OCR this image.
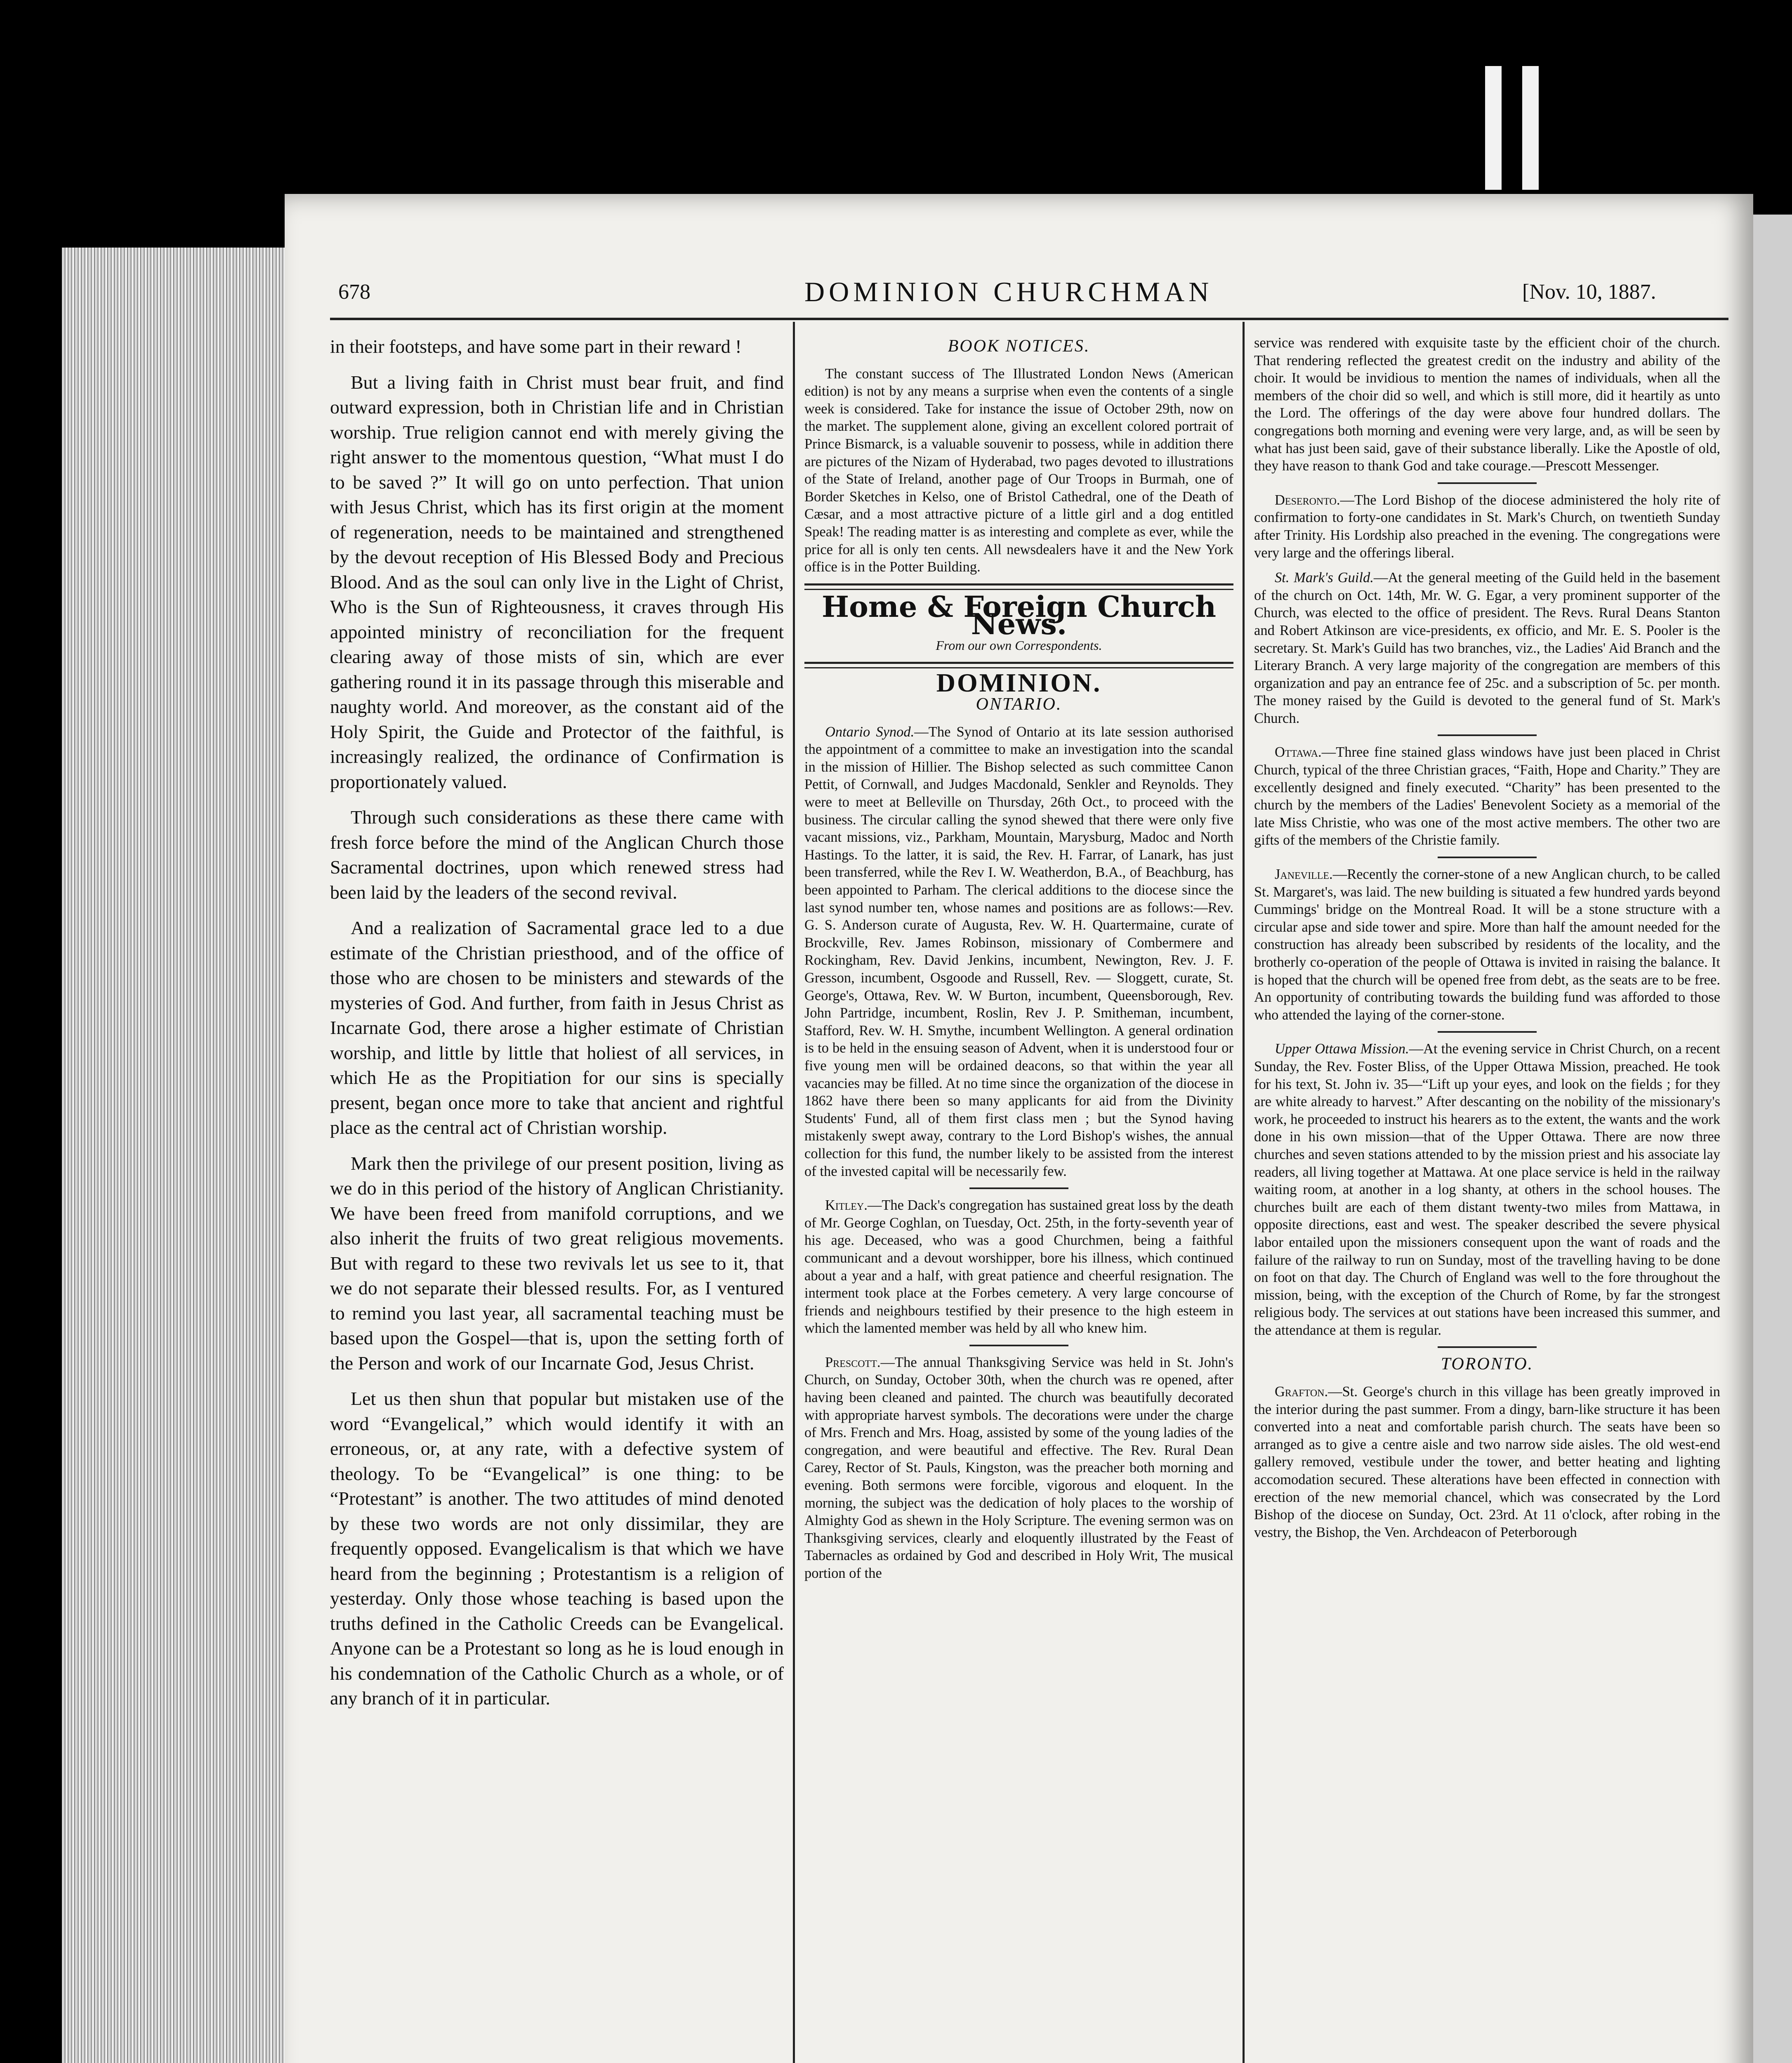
678	DOMINION CHURCHMAN	[Nov. 10, 1887.

in their footsteps, and have some part in their reward !

But a living faith in Christ must bear fruit, and find outward expression, both in Christian life and in Christian worship. True religion cannot end with merely giving the right answer to the momentous question, “What must I do to be saved ?” It will go on unto perfection. That union with Jesus Christ, which has its first origin at the moment of regeneration, needs to be maintained and strengthened by the devout reception of His Blessed Body and Precious Blood. And as the soul can only live in the Light of Christ, Who is the Sun of Righteousness, it craves through His appointed ministry of reconciliation for the frequent clearing away of those mists of sin, which are ever gathering round it in its passage through this miserable and naughty world. And moreover, as the constant aid of the Holy Spirit, the Guide and Protector of the faithful, is increasingly realized, the ordinance of Confirmation is proportionately valued.

Through such considerations as these there came with fresh force before the mind of the Anglican Church those Sacramental doctrines, upon which renewed stress had been laid by the leaders of the second revival.

And a realization of Sacramental grace led to a due estimate of the Christian priesthood, and of the office of those who are chosen to be ministers and stewards of the mysteries of God. And further, from faith in Jesus Christ as Incarnate God, there arose a higher estimate of Christian worship, and little by little that holiest of all services, in which He as the Propitiation for our sins is specially present, began once more to take that ancient and rightful place as the central act of Christian worship.

Mark then the privilege of our present position, living as we do in this period of the history of Anglican Christianity. We have been freed from manifold corruptions, and we also inherit the fruits of two great religious movements. But with regard to these two revivals let us see to it, that we do not separate their blessed results. For, as I ventured to remind you last year, all sacramental teaching must be based upon the Gospel—that is, upon the setting forth of the Person and work of our Incarnate God, Jesus Christ.

Let us then shun that popular but mistaken use of the word “Evangelical,” which would identify it with an erroneous, or, at any rate, with a defective system of theology. To be “Evangelical” is one thing: to be “Protestant” is another. The two attitudes of mind denoted by these two words are not only dissimilar, they are frequently opposed. Evangelicalism is that which we have heard from the beginning ; Protestantism is a religion of yesterday. Only those whose teaching is based upon the truths defined in the Catholic Creeds can be Evangelical. Anyone can be a Protestant so long as he is loud enough in his condemnation of the Catholic Church as a whole, or of any branch of it in particular.

BOOK NOTICES.

The constant success of The Illustrated London News (American edition) is not by any means a surprise when even the contents of a single week is considered. Take for instance the issue of October 29th, now on the market. The supplement alone, giving an excellent colored portrait of Prince Bismarck, is a valuable souvenir to possess, while in addition there are pictures of the Nizam of Hyderabad, two pages devoted to illustrations of the State of Ireland, another page of Our Troops in Burmah, one of Border Sketches in Kelso, one of Bristol Cathedral, one of the Death of Cæsar, and a most attractive picture of a little girl and a dog entitled Speak! The reading matter is as interesting and complete as ever, while the price for all is only ten cents. All newsdealers have it and the New York office is in the Potter Building.

Home & Foreign Church News.
From our own Correspondents.
DOMINION.
ONTARIO.

Ontario Synod.—The Synod of Ontario at its late session authorised the appointment of a committee to make an investigation into the scandal in the mission of Hillier. The Bishop selected as such committee Canon Pettit, of Cornwall, and Judges Macdonald, Senkler and Reynolds. They were to meet at Belleville on Thursday, 26th Oct., to proceed with the business. The circular calling the synod shewed that there were only five vacant missions, viz., Parkham, Mountain, Marysburg, Madoc and North Hastings. To the latter, it is said, the Rev. H. Farrar, of Lanark, has just been transferred, while the Rev I. W. Weatherdon, B.A., of Beachburg, has been appointed to Parham. The clerical additions to the diocese since the last synod number ten, whose names and positions are as follows:—Rev. G. S. Anderson curate of Augusta, Rev. W. H. Quartermaine, curate of Brockville, Rev. James Robinson, missionary of Combermere and Rockingham, Rev. David Jenkins, incumbent, Newington, Rev. J. F. Gresson, incumbent, Osgoode and Russell, Rev. — Sloggett, curate, St. George's, Ottawa, Rev. W. W Burton, incumbent, Queensborough, Rev. John Partridge, incumbent, Roslin, Rev J. P. Smitheman, incumbent, Stafford, Rev. W. H. Smythe, incumbent Wellington. A general ordination is to be held in the ensuing season of Advent, when it is understood four or five young men will be ordained deacons, so that within the year all vacancies may be filled. At no time since the organization of the diocese in 1862 have there been so many applicants for aid from the Divinity Students' Fund, all of them first class men ; but the Synod having mistakenly swept away, contrary to the Lord Bishop's wishes, the annual collection for this fund, the number likely to be assisted from the interest of the invested capital will be necessarily few.

Kitley.—The Dack's congregation has sustained great loss by the death of Mr. George Coghlan, on Tuesday, Oct. 25th, in the forty-seventh year of his age. Deceased, who was a good Churchmen, being a faithful communicant and a devout worshipper, bore his illness, which continued about a year and a half, with great patience and cheerful resignation. The interment took place at the Forbes cemetery. A very large concourse of friends and neighbours testified by their presence to the high esteem in which the lamented member was held by all who knew him.

Prescott.—The annual Thanksgiving Service was held in St. John's Church, on Sunday, October 30th, when the church was re opened, after having been cleaned and painted. The church was beautifully decorated with appropriate harvest symbols. The decorations were under the charge of Mrs. French and Mrs. Hoag, assisted by some of the young ladies of the congregation, and were beautiful and effective. The Rev. Rural Dean Carey, Rector of St. Pauls, Kingston, was the preacher both morning and evening. Both sermons were forcible, vigorous and eloquent. In the morning, the subject was the dedication of holy places to the worship of Almighty God as shewn in the Holy Scripture. The evening sermon was on Thanksgiving services, clearly and eloquently illustrated by the Feast of Tabernacles as ordained by God and described in Holy Writ, The musical portion of the

service was rendered with exquisite taste by the efficient choir of the church. That rendering reflected the greatest credit on the industry and ability of the choir. It would be invidious to mention the names of individuals, when all the members of the choir did so well, and which is still more, did it heartily as unto the Lord. The offerings of the day were above four hundred dollars. The congregations both morning and evening were very large, and, as will be seen by what has just been said, gave of their substance liberally. Like the Apostle of old, they have reason to thank God and take courage.—Prescott Messenger.

Deseronto.—The Lord Bishop of the diocese administered the holy rite of confirmation to forty-one candidates in St. Mark's Church, on twentieth Sunday after Trinity. His Lordship also preached in the evening. The congregations were very large and the offerings liberal.

St. Mark's Guild.—At the general meeting of the Guild held in the basement of the church on Oct. 14th, Mr. W. G. Egar, a very prominent supporter of the Church, was elected to the office of president. The Revs. Rural Deans Stanton and Robert Atkinson are vice-presidents, ex officio, and Mr. E. S. Pooler is the secretary. St. Mark's Guild has two branches, viz., the Ladies' Aid Branch and the Literary Branch. A very large majority of the congregation are members of this organization and pay an entrance fee of 25c. and a subscription of 5c. per month. The money raised by the Guild is devoted to the general fund of St. Mark's Church.

Ottawa.—Three fine stained glass windows have just been placed in Christ Church, typical of the three Christian graces, “Faith, Hope and Charity.” They are excellently designed and finely executed. “Charity” has been presented to the church by the members of the Ladies' Benevolent Society as a memorial of the late Miss Christie, who was one of the most active members. The other two are gifts of the members of the Christie family.

Janeville.—Recently the corner-stone of a new Anglican church, to be called St. Margaret's, was laid. The new building is situated a few hundred yards beyond Cummings' bridge on the Montreal Road. It will be a stone structure with a circular apse and side tower and spire. More than half the amount needed for the construction has already been subscribed by residents of the locality, and the brotherly co-operation of the people of Ottawa is invited in raising the balance. It is hoped that the church will be opened free from debt, as the seats are to be free. An opportunity of contributing towards the building fund was afforded to those who attended the laying of the corner-stone.

Upper Ottawa Mission.—At the evening service in Christ Church, on a recent Sunday, the Rev. Foster Bliss, of the Upper Ottawa Mission, preached. He took for his text, St. John iv. 35—“Lift up your eyes, and look on the fields ; for they are white already to harvest.” After descanting on the nobility of the missionary's work, he proceeded to instruct his hearers as to the extent, the wants and the work done in his own mission—that of the Upper Ottawa. There are now three churches and seven stations attended to by the mission priest and his associate lay readers, all living together at Mattawa. At one place service is held in the railway waiting room, at another in a log shanty, at others in the school houses. The churches built are each of them distant twenty-two miles from Mattawa, in opposite directions, east and west. The speaker described the severe physical labor entailed upon the missioners consequent upon the want of roads and the failure of the railway to run on Sunday, most of the travelling having to be done on foot on that day. The Church of England was well to the fore throughout the mission, being, with the exception of the Church of Rome, by far the strongest religious body. The services at out stations have been increased this summer, and the attendance at them is regular.

TORONTO.

Grafton.—St. George's church in this village has been greatly improved in the interior during the past summer. From a dingy, barn-like structure it has been converted into a neat and comfortable parish church. The seats have been so arranged as to give a centre aisle and two narrow side aisles. The old west-end gallery removed, vestibule under the tower, and better heating and lighting accomodation secured. These alterations have been effected in connection with erection of the new memorial chancel, which was consecrated by the Lord Bishop of the diocese on Sunday, Oct. 23rd. At 11 o'clock, after robing in the vestry, the Bishop, the Ven. Archdeacon of Peterborough
